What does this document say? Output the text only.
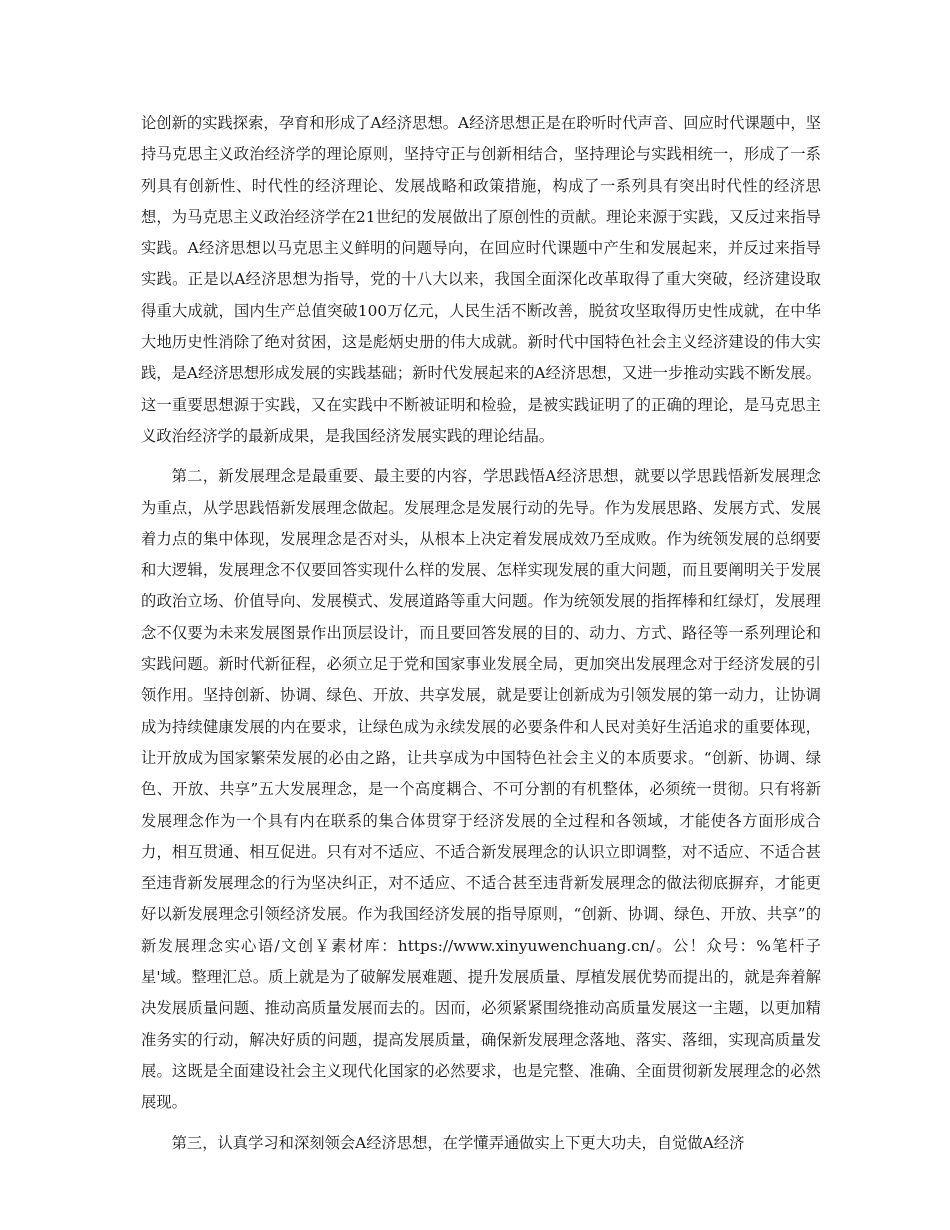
论创新的实践探索，孕育和形成了A经济思想。A经济思想正是在聆听时代声音、回应时代课题中，坚持马克思主义政治经济学的理论原则，坚持守正与创新相结合，坚持理论与实践相统一，形成了一系列具有创新性、时代性的经济理论、发展战略和政策措施，构成了一系列具有突出时代性的经济思想，为马克思主义政治经济学在21世纪的发展做出了原创性的贡献。理论来源于实践，又反过来指导实践。A经济思想以马克思主义鲜明的问题导向，在回应时代课题中产生和发展起来，并反过来指导实践。正是以A经济思想为指导，党的十八大以来，我国全面深化改革取得了重大突破，经济建设取得重大成就，国内生产总值突破100万亿元，人民生活不断改善，脱贫攻坚取得历史性成就，在中华大地历史性消除了绝对贫困，这是彪炳史册的伟大成就。新时代中国特色社会主义经济建设的伟大实践，是A经济思想形成发展的实践基础；新时代发展起来的A经济思想，又进一步推动实践不断发展。这一重要思想源于实践，又在实践中不断被证明和检验，是被实践证明了的正确的理论，是马克思主义政治经济学的最新成果，是我国经济发展实践的理论结晶。
第二，新发展理念是最重要、最主要的内容，学思践悟A经济思想，就要以学思践悟新发展理念为重点，从学思践悟新发展理念做起。发展理念是发展行动的先导。作为发展思路、发展方式、发展着力点的集中体现，发展理念是否对头，从根本上决定着发展成效乃至成败。作为统领发展的总纲要和大逻辑，发展理念不仅要回答实现什么样的发展、怎样实现发展的重大问题，而且要阐明关于发展的政治立场、价值导向、发展模式、发展道路等重大问题。作为统领发展的指挥棒和红绿灯，发展理念不仅要为未来发展图景作出顶层设计，而且要回答发展的目的、动力、方式、路径等一系列理论和实践问题。新时代新征程，必须立足于党和国家事业发展全局，更加突出发展理念对于经济发展的引领作用。坚持创新、协调、绿色、开放、共享发展，就是要让创新成为引领发展的第一动力，让协调成为持续健康发展的内在要求，让绿色成为永续发展的必要条件和人民对美好生活追求的重要体现，让开放成为国家繁荣发展的必由之路，让共享成为中国特色社会主义的本质要求。“创新、协调、绿色、开放、共享”五大发展理念，是一个高度耦合、不可分割的有机整体，必须统一贯彻。只有将新发展理念作为一个具有内在联系的集合体贯穿于经济发展的全过程和各领域，才能使各方面形成合力，相互贯通、相互促进。只有对不适应、不适合新发展理念的认识立即调整，对不适应、不适合甚至违背新发展理念的行为坚决纠正，对不适应、不适合甚至违背新发展理念的做法彻底摒弃，才能更好以新发展理念引领经济发展。作为我国经济发展的指导原则，“创新、协调、绿色、开放、共享”的新发展理念实心语/文创￥素材库：https://www.xinyuwenchuang.cn/。公！众号：%笔杆子星'域。整理汇总。质上就是为了破解发展难题、提升发展质量、厚植发展优势而提出的，就是奔着解决发展质量问题、推动高质量发展而去的。因而，必须紧紧围绕推动高质量发展这一主题，以更加精准务实的行动，解决好质的问题，提高发展质量，确保新发展理念落地、落实、落细，实现高质量发展。这既是全面建设社会主义现代化国家的必然要求，也是完整、准确、全面贯彻新发展理念的必然展现。
第三，认真学习和深刻领会A经济思想，在学懂弄通做实上下更大功夫，自觉做A经济
